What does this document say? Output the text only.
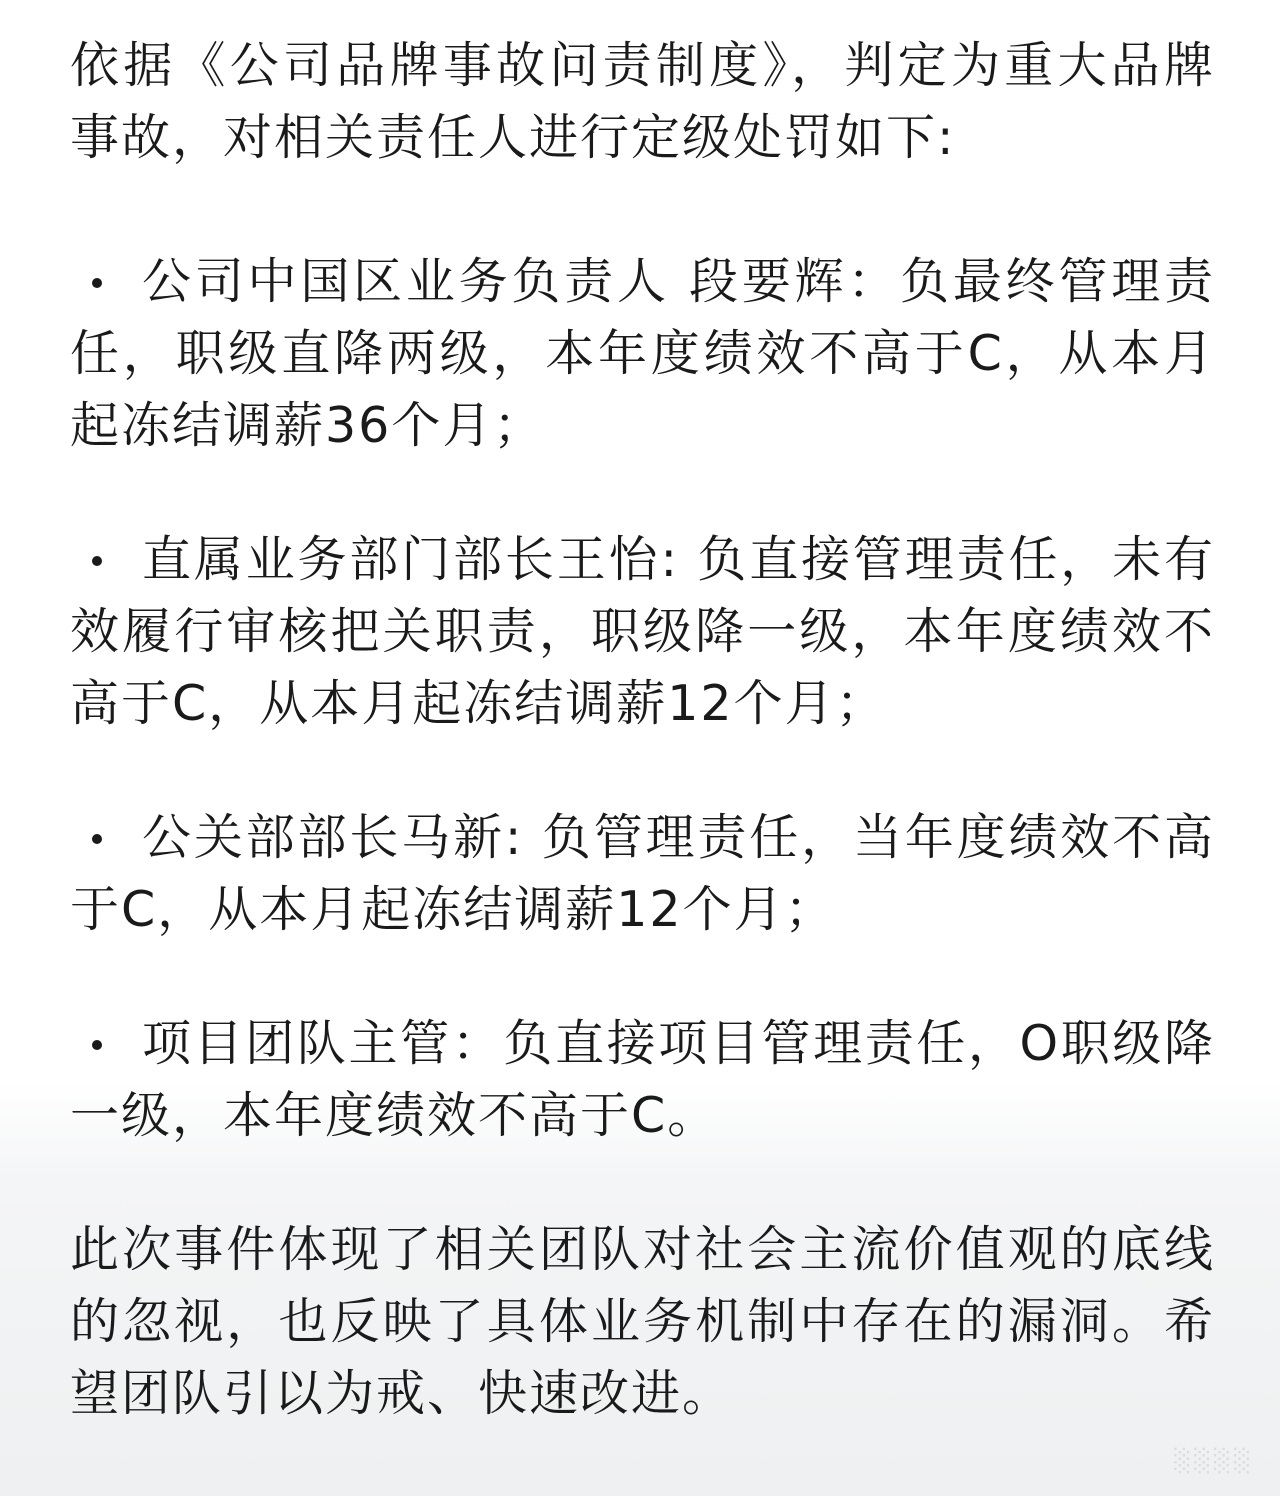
依据《公司品牌事故问责制度》，判定为重大品牌事故，对相关责任人进行定级处罚如下:

公司中国区业务负责人 段要辉：负最终管理责任，职级直降两级，本年度绩效不高于C，从本月起冻结调薪36个月；
直属业务部门部长王怡: 负直接管理责任，未有效履行审核把关职责，职级降一级，本年度绩效不高于C，从本月起冻结调薪12个月；
公关部部长马新: 负管理责任，当年度绩效不高于C，从本月起冻结调薪12个月；
项目团队主管：负直接项目管理责任，O职级降一级，本年度绩效不高于C。

此次事件体现了相关团队对社会主流价值观的底线的忽视，也反映了具体业务机制中存在的漏洞。希望团队引以为戒、快速改进。

░░░░
